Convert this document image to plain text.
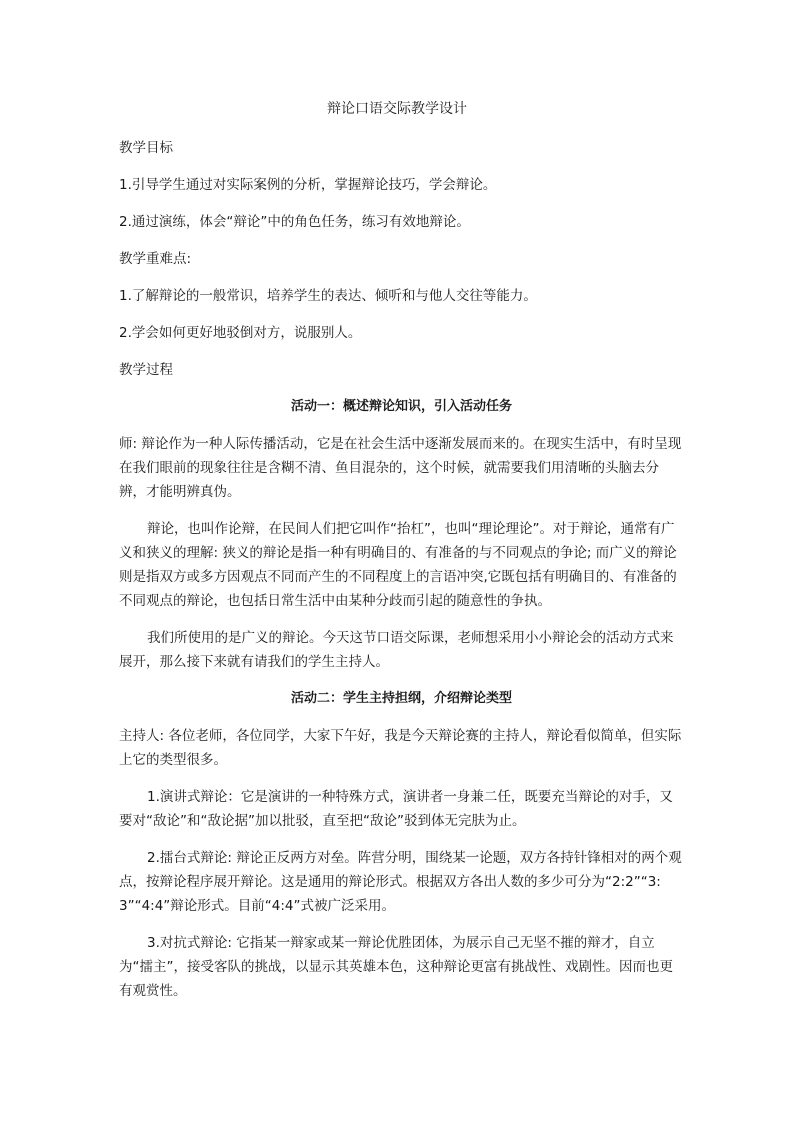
辩论口语交际教学设计

教学目标

1.引导学生通过对实际案例的分析，掌握辩论技巧，学会辩论。

2.通过演练，体会“辩论”中的角色任务，练习有效地辩论。

教学重难点:

1.了解辩论的一般常识，培养学生的表达、倾听和与他人交往等能力。

2.学会如何更好地驳倒对方，说服别人。

教学过程

活动一：概述辩论知识，引入活动任务

师: 辩论作为一种人际传播活动，它是在社会生活中逐渐发展而来的。在现实生活中，有时呈现在我们眼前的现象往往是含糊不清、鱼目混杂的，这个时候，就需要我们用清晰的头脑去分辨，才能明辨真伪。

辩论，也叫作论辩，在民间人们把它叫作“抬杠”，也叫“理论理论”。对于辩论，通常有广义和狭义的理解: 狭义的辩论是指一种有明确目的、有准备的与不同观点的争论; 而广义的辩论则是指双方或多方因观点不同而产生的不同程度上的言语冲突,它既包括有明确目的、有准备的不同观点的辩论，也包括日常生活中由某种分歧而引起的随意性的争执。

我们所使用的是广义的辩论。今天这节口语交际课，老师想采用小小辩论会的活动方式来展开，那么接下来就有请我们的学生主持人。

活动二：学生主持担纲，介绍辩论类型

主持人: 各位老师，各位同学，大家下午好，我是今天辩论赛的主持人，辩论看似简单，但实际上它的类型很多。

1.演讲式辩论：它是演讲的一种特殊方式，演讲者一身兼二任，既要充当辩论的对手，又要对“敌论”和“敌论据”加以批驳，直至把“敌论”驳到体无完肤为止。

2.擂台式辩论: 辩论正反两方对垒。阵营分明，围绕某一论题，双方各持针锋相对的两个观点，按辩论程序展开辩论。这是通用的辩论形式。根据双方各出人数的多少可分为“2:2”“3:3”“4:4”辩论形式。目前“4:4”式被广泛采用。

3.对抗式辩论: 它指某一辩家或某一辩论优胜团体，为展示自己无坚不摧的辩才，自立为“擂主”，接受客队的挑战，以显示其英雄本色，这种辩论更富有挑战性、戏剧性。因而也更有观赏性。
